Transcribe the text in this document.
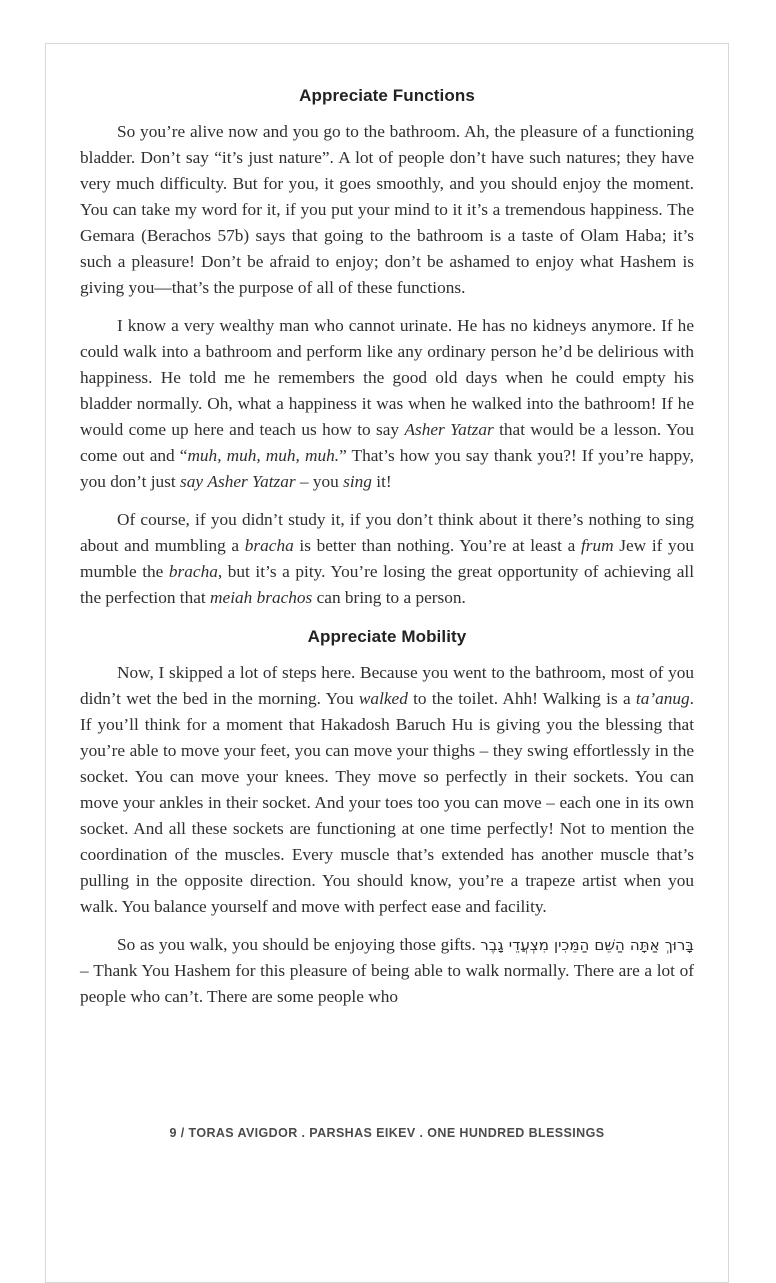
Appreciate Functions

So you’re alive now and you go to the bathroom. Ah, the pleasure of a functioning bladder. Don’t say “it’s just nature”. A lot of people don’t have such natures; they have very much difficulty. But for you, it goes smoothly, and you should enjoy the moment. You can take my word for it, if you put your mind to it it’s a tremendous happiness. The Gemara (Berachos 57b) says that going to the bathroom is a taste of Olam Haba; it’s such a pleasure! Don’t be afraid to enjoy; don’t be ashamed to enjoy what Hashem is giving you—that’s the purpose of all of these functions.

I know a very wealthy man who cannot urinate. He has no kidneys anymore. If he could walk into a bathroom and perform like any ordinary person he’d be delirious with happiness. He told me he remembers the good old days when he could empty his bladder normally. Oh, what a happiness it was when he walked into the bathroom! If he would come up here and teach us how to say Asher Yatzar that would be a lesson. You come out and “muh, muh, muh, muh.” That’s how you say thank you?! If you’re happy, you don’t just say Asher Yatzar – you sing it!

Of course, if you didn’t study it, if you don’t think about it there’s nothing to sing about and mumbling a bracha is better than nothing. You’re at least a frum Jew if you mumble the bracha, but it’s a pity. You’re losing the great opportunity of achieving all the perfection that meiah brachos can bring to a person.

Appreciate Mobility

Now, I skipped a lot of steps here. Because you went to the bathroom, most of you didn’t wet the bed in the morning. You walked to the toilet. Ahh! Walking is a ta’anug. If you’ll think for a moment that Hakadosh Baruch Hu is giving you the blessing that you’re able to move your feet, you can move your thighs – they swing effortlessly in the socket. You can move your knees. They move so perfectly in their sockets. You can move your ankles in their socket. And your toes too you can move – each one in its own socket. And all these sockets are functioning at one time perfectly! Not to mention the coordination of the muscles. Every muscle that’s extended has another muscle that’s pulling in the opposite direction. You should know, you’re a trapeze artist when you walk. You balance yourself and move with perfect ease and facility.

So as you walk, you should be enjoying those gifts. בָּרוּךְ אַתָּה הַשֵּׁם הַמֵּכִין מִצְעֲדֵי גָבֶר – Thank You Hashem for this pleasure of being able to walk normally. There are a lot of people who can’t. There are some people who

9 / TORAS AVIGDOR . PARSHAS EIKEV . ONE HUNDRED BLESSINGS
